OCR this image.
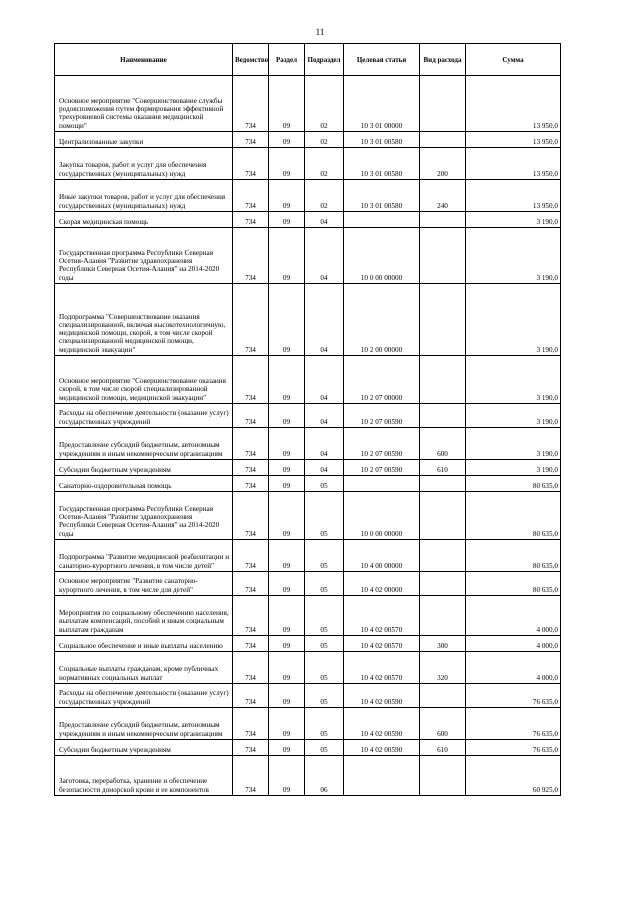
11
Наименование	Ведомство	Раздел	Подраздел	Целевая статья	Вид расхода	Сумма
Основное мероприятие "Совершенствование службы родовспоможения путем формирования эффективной трехуровневой системы оказания медицинской помощи"	734	09	02	10 3 01 00000		13 950,0
Централизованные закупки	734	09	02	10 3 01 00580		13 950,0
Закупка товаров, работ и услуг для обеспечения государственных (муниципальных) нужд	734	09	02	10 3 01 00580	200	13 950,0
Иные закупки товаров, работ и услуг для обеспечения государственных (муниципальных) нужд	734	09	02	10 3 01 00580	240	13 950,0
Скорая медицинская помощь	734	09	04			3 190,0
Государственная программа Республики Северная Осетия-Алания "Развитие здравоохранения Республики Северная Осетия-Алания" на 2014-2020 годы	734	09	04	10 0 00 00000		3 190,0
Подпрограмма "Совершенствование оказания специализированной, включая высокотехнологичную, медицинской помощи, скорой, в том числе скорой специализированной медицинской помощи, медицинской эвакуации"	734	09	04	10 2 00 00000		3 190,0
Основное мероприятие "Совершенствование оказания скорой, в том числе скорой специализированной медицинской помощи, медицинской эвакуации"	734	09	04	10 2 07 00000		3 190,0
Расходы на обеспечение деятельности (оказание услуг) государственных учреждений	734	09	04	10 2 07 00590		3 190,0
Предоставление субсидий бюджетным, автономным учреждениям и иным некоммерческим организациям	734	09	04	10 2 07 00590	600	3 190,0
Субсидии бюджетным учреждениям	734	09	04	10 2 07 00590	610	3 190,0
Санаторно-оздоровительная помощь	734	09	05			80 635,0
Государственная программа Республики Северная Осетия-Алания "Развитие здравоохранения Республики Северная Осетия-Алания" на 2014-2020 годы	734	09	05	10 0 00 00000		80 635,0
Подпрограмма "Развитие медицинской реабилитации и санаторно-курортного лечения, в том числе детей"	734	09	05	10 4 00 00000		80 635,0
Основное мероприятие "Развитие санаторно-курортного лечения, в том числе для детей"	734	09	05	10 4 02 00000		80 635,0
Мероприятия по социальному обеспечению населения, выплатам компенсаций, пособий и иным социальным выплатам гражданам	734	09	05	10 4 02 00570		4 000,0
Социальное обеспечение и иные выплаты населению	734	09	05	10 4 02 00570	300	4 000,0
Социальные выплаты гражданам, кроме публичных нормативных социальных выплат	734	09	05	10 4 02 00570	320	4 000,0
Расходы на обеспечение деятельности (оказание услуг) государственных учреждений	734	09	05	10 4 02 00590		76 635,0
Предоставление субсидий бюджетным, автономным учреждениям и иным некоммерческим организациям	734	09	05	10 4 02 00590	600	76 635,0
Субсидии бюджетным учреждениям	734	09	05	10 4 02 00590	610	76 635,0
Заготовка, переработка, хранение и обеспечение безопасности донорской крови и ее компонентов	734	09	06			60 925,0
